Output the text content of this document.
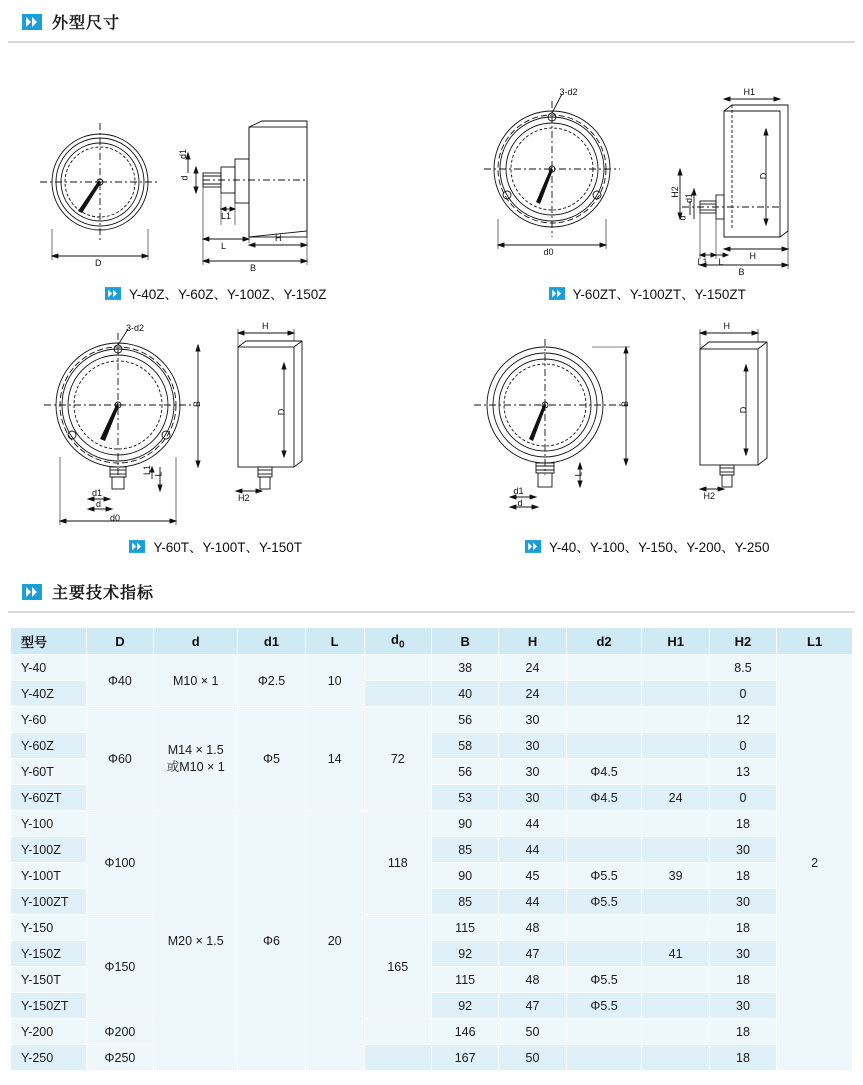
外型尺寸
D
d1
d
L1
L
B
H
Y-40Z、Y-60Z、Y-100Z、Y-150Z
3-d2
d0
H1
H2
d1
d
L1 L
D
B
H
Y-60ZT、Y-100ZT、Y-150ZT
3-d2	H
B
D
d1
d
d0
L1 L
H2
Y-60T、Y-100T、Y-150T
H
D
B
d1
d
L
H2
Y-40、Y-100、Y-150、Y-200、Y-250
主要技术指标
型号	D	d	d1	L	$d_0$	B	H	d2	H1	H2	L1
Y-40	Φ40	M10 × 1	Φ2.5	10		38	24			8.5	2
Y-40Z						40	24			0	
Y-60	Φ60	M14 × 1.5
或M10 × 1	Φ5	14	72	56	30			12	
Y-60Z						58	30			0	
Y-60T						56	30	Φ4.5		13	
Y-60ZT						53	30	Φ4.5	24	0	
Y-100	Φ100	M20 × 1.5	Φ6	20	118	90	44			18	
Y-100Z						85	44			30	
Y-100T						90	45	Φ5.5	39	18	
Y-100ZT						85	44	Φ5.5		30	
Y-150	Φ150				165	115	48			18	
Y-150Z						92	47		41	30	
Y-150T						115	48	Φ5.5		18	
Y-150ZT						92	47	Φ5.5		30	
Y-200	Φ200					146	50			18	
Y-250	Φ250					167	50			18	
